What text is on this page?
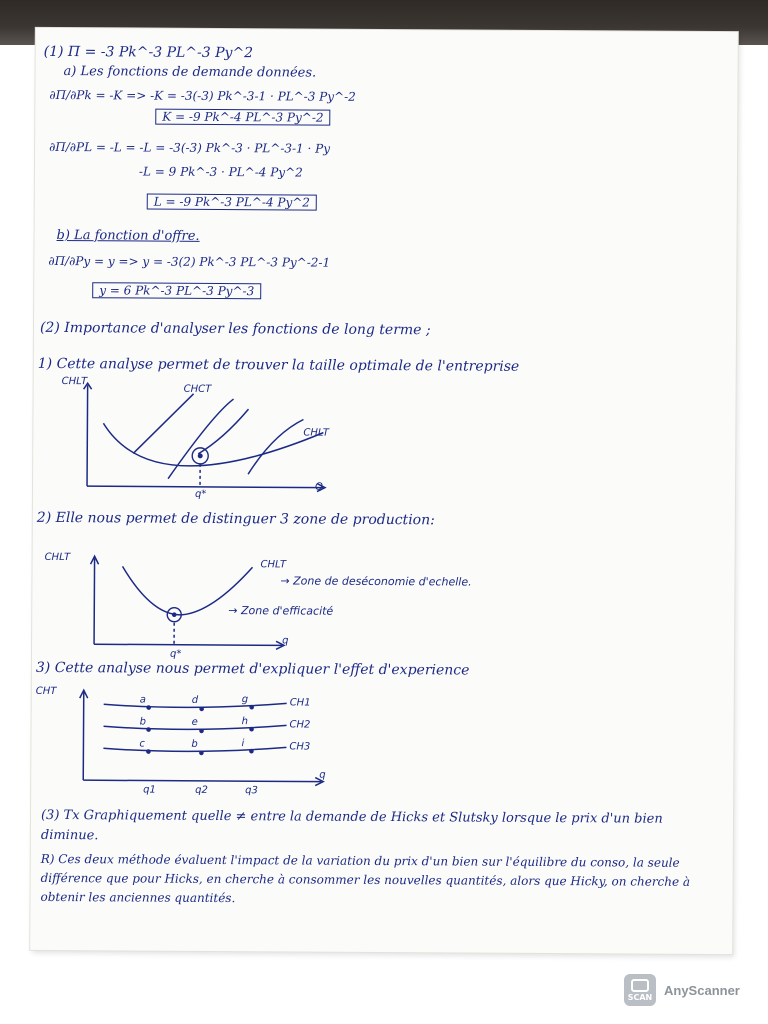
(1) Π = -3 Pk^-3 PL^-3 Py^2
a) Les fonctions de demande données.
∂Π/∂Pk = -K => -K = -3(-3) Pk^-3-1 · PL^-3 Py^-2
K = -9 Pk^-4 PL^-3 Py^-2
∂Π/∂PL = -L = -L = -3(-3) Pk^-3 · PL^-3-1 · Py
-L = 9 Pk^-3 · PL^-4 Py^2
L = -9 Pk^-3 PL^-4 Py^2
b) La fonction d'offre.
∂Π/∂Py = y => y = -3(2) Pk^-3 PL^-3 Py^-2-1
y = 6 Pk^-3 PL^-3 Py^-3
(2) Importance d'analyser les fonctions de long terme ;
1) Cette analyse permet de trouver la taille optimale de l'entreprise
CHLT
CHCT
CHLT
Q
q*
2) Elle nous permet de distinguer 3 zone de production:
CHLT
CHLT
→ Zone de deséconomie d'echelle.
→ Zone d'efficacité
q
q*
3) Cette analyse nous permet d'expliquer l'effet d'experience
CHT
CH1
CH2
CH3
a	d	g
b	e	h
c	b	i
q1	q2	q3
q
(3) Tx Graphiquement quelle ≠ entre la demande de Hicks et Slutsky lorsque le prix d'un bien diminue.
R) Ces deux méthode évaluent l'impact de la variation du prix d'un bien sur l'équilibre du conso, la seule différence que pour Hicks, en cherche à consommer les nouvelles quantités, alors que Hicky, on cherche à obtenir les anciennes quantités.
SCAN AnyScanner
